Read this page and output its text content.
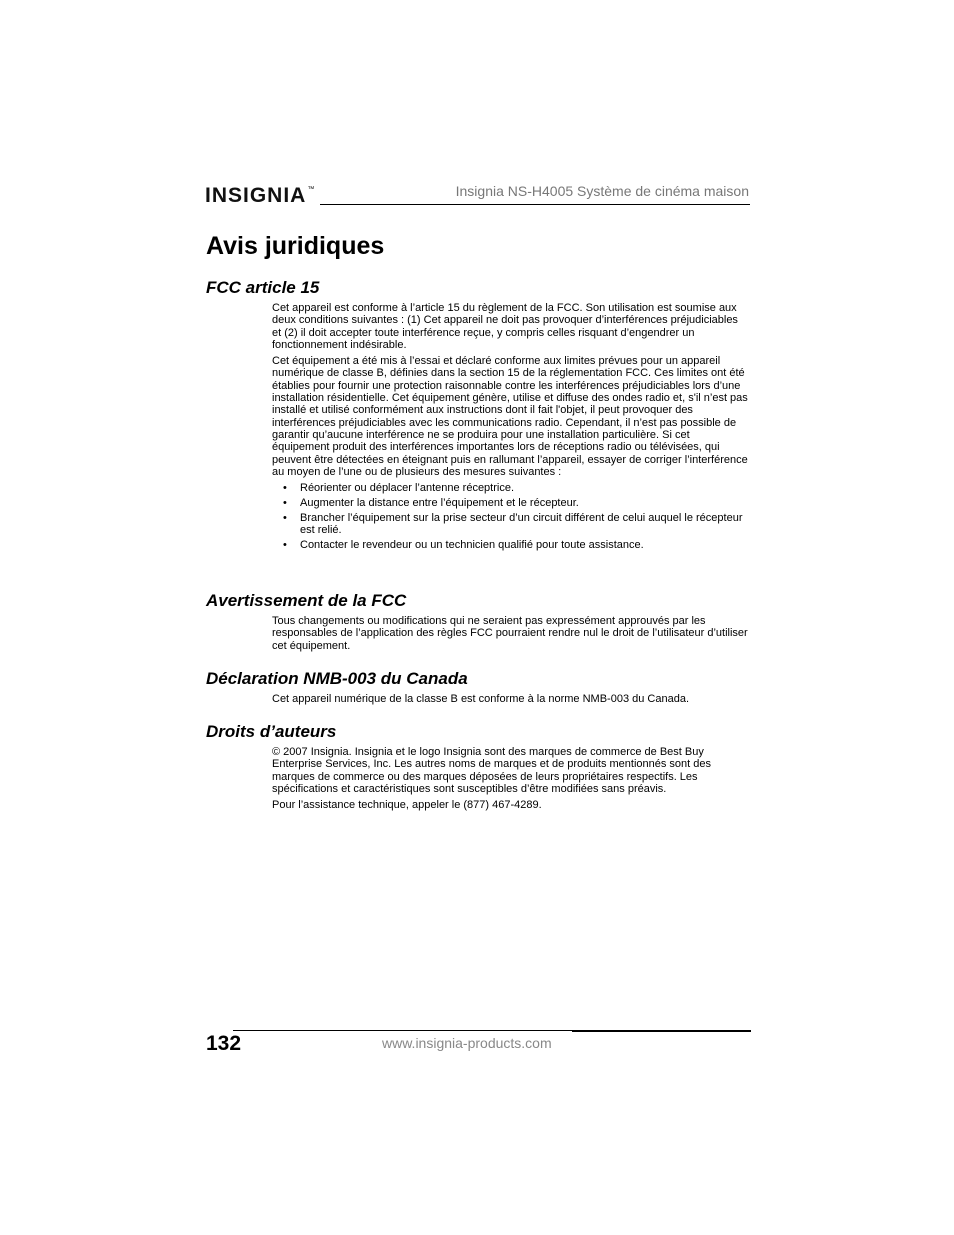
INSIGNIA™	Insignia NS-H4005 Système de cinéma maison
Avis juridiques
FCC article 15

Cet appareil est conforme à l’article 15 du règlement de la FCC. Son utilisation est soumise aux deux conditions suivantes : (1) Cet appareil ne doit pas provoquer d’interférences préjudiciables et (2) il doit accepter toute interférence reçue, y compris celles risquant d’engendrer un fonctionnement indésirable.

Cet équipement a été mis à l’essai et déclaré conforme aux limites prévues pour un appareil numérique de classe B, définies dans la section 15 de la réglementation FCC. Ces limites ont été établies pour fournir une protection raisonnable contre les interférences préjudiciables lors d’une installation résidentielle. Cet équipement génère, utilise et diffuse des ondes radio et, s'il n’est pas installé et utilisé conformément aux instructions dont il fait l'objet, il peut provoquer des interférences préjudiciables avec les communications radio. Cependant, il n’est pas possible de garantir qu’aucune interférence ne se produira pour une installation particulière. Si cet équipement produit des interférences importantes lors de réceptions radio ou télévisées, qui peuvent être détectées en éteignant puis en rallumant l’appareil, essayer de corriger l’interférence au moyen de l’une ou de plusieurs des mesures suivantes :

• Réorienter ou déplacer l’antenne réceptrice.
• Augmenter la distance entre l’équipement et le récepteur.
• Brancher l’équipement sur la prise secteur d’un circuit différent de celui auquel le récepteur est relié.
• Contacter le revendeur ou un technicien qualifié pour toute assistance.
Avertissement de la FCC

Tous changements ou modifications qui ne seraient pas expressément approuvés par les responsables de l’application des règles FCC pourraient rendre nul le droit de l’utilisateur d’utiliser cet équipement.

Déclaration NMB-003 du Canada

Cet appareil numérique de la classe B est conforme à la norme NMB-003 du Canada.

Droits d’auteurs

© 2007 Insignia. Insignia et le logo Insignia sont des marques de commerce de Best Buy Enterprise Services, Inc. Les autres noms de marques et de produits mentionnés sont des marques de commerce ou des marques déposées de leurs propriétaires respectifs. Les spécifications et caractéristiques sont susceptibles d’être modifiées sans préavis.

Pour l’assistance technique, appeler le (877) 467-4289.

132	www.insignia-products.com
